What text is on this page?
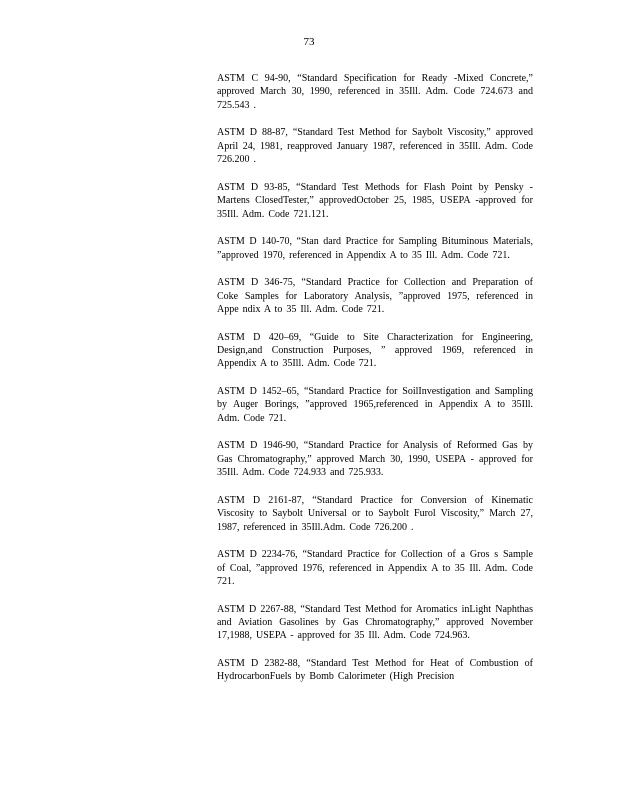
73

ASTM C 94-90, “Standard Specification for Ready -Mixed Concrete,” approved March 30, 1990, referenced in 35Ill. Adm. Code 724.673 and 725.543 .

ASTM D 88-87, “Standard Test Method for Saybolt Viscosity,” approved April 24, 1981, reapproved January 1987, referenced in 35Ill. Adm. Code 726.200 .

ASTM D 93-85, “Standard Test Methods for Flash Point by Pensky -Martens ClosedTester,” approvedOctober 25, 1985, USEPA -approved for 35Ill. Adm. Code 721.121.

ASTM D 140-70, “Stan dard Practice for Sampling Bituminous Materials, ”approved 1970, referenced in Appendix A to 35 Ill. Adm. Code 721.

ASTM D 346-75, “Standard Practice for Collection and Preparation of Coke Samples for Laboratory Analysis, ”approved 1975, referenced in Appe ndix A to 35 Ill. Adm. Code 721.

ASTM D 420–69, “Guide to Site Characterization for Engineering, Design,and Construction Purposes, ” approved 1969, referenced in Appendix A to 35Ill. Adm. Code 721.

ASTM D 1452–65, “Standard Practice for SoilInvestigation and Sampling by Auger Borings, ”approved 1965,referenced in Appendix A to 35Ill. Adm. Code 721.

ASTM D 1946-90, “Standard Practice for Analysis of Reformed Gas by Gas Chromatography,” approved March 30, 1990, USEPA - approved for 35Ill. Adm. Code 724.933 and 725.933.

ASTM D 2161-87, “Standard Practice for Conversion of Kinematic Viscosity to Saybolt Universal or to Saybolt Furol Viscosity,” March 27, 1987, referenced in 35Ill.Adm. Code 726.200 .

ASTM D 2234-76, “Standard Practice for Collection of a Gros s Sample of Coal, ”approved 1976, referenced in Appendix A to 35 Ill. Adm. Code 721.

ASTM D 2267-88, “Standard Test Method for Aromatics inLight Naphthas and Aviation Gasolines by Gas Chromatography,” approved November 17,1988, USEPA - approved for 35 Ill. Adm. Code 724.963.

ASTM D 2382-88, “Standard Test Method for Heat of Combustion of HydrocarbonFuels by Bomb Calorimeter (High Precision
